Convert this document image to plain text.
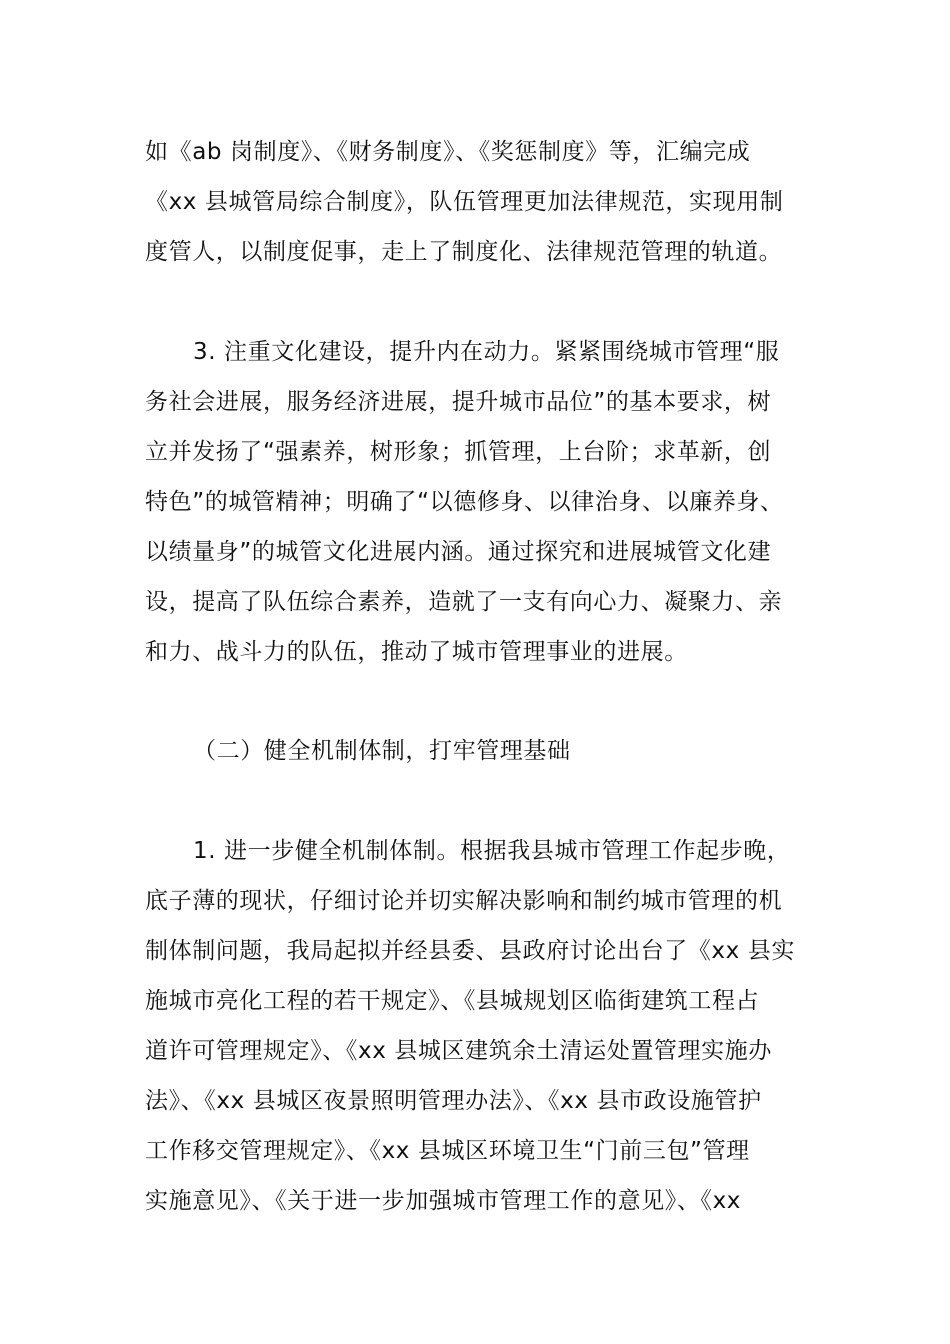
如《ab 岗制度》、《财务制度》、《奖惩制度》等，汇编完成
《xx 县城管局综合制度》，队伍管理更加法律规范，实现用制
度管人，以制度促事，走上了制度化、法律规范管理的轨道。
3. 注重文化建设，提升内在动力。紧紧围绕城市管理“服
务社会进展，服务经济进展，提升城市品位”的基本要求，树
立并发扬了“强素养，树形象；抓管理，上台阶；求革新，创
特色”的城管精神；明确了“以德修身、以律治身、以廉养身、
以绩量身”的城管文化进展内涵。通过探究和进展城管文化建
设，提高了队伍综合素养，造就了一支有向心力、凝聚力、亲
和力、战斗力的队伍，推动了城市管理事业的进展。
（二）健全机制体制，打牢管理基础
1. 进一步健全机制体制。根据我县城市管理工作起步晚，
底子薄的现状，仔细讨论并切实解决影响和制约城市管理的机
制体制问题，我局起拟并经县委、县政府讨论出台了《xx 县实
施城市亮化工程的若干规定》、《县城规划区临街建筑工程占
道许可管理规定》、《xx 县城区建筑余土清运处置管理实施办
法》、《xx 县城区夜景照明管理办法》、《xx 县市政设施管护
工作移交管理规定》、《xx 县城区环境卫生“门前三包”管理
实施意见》、《关于进一步加强城市管理工作的意见》、《xx
